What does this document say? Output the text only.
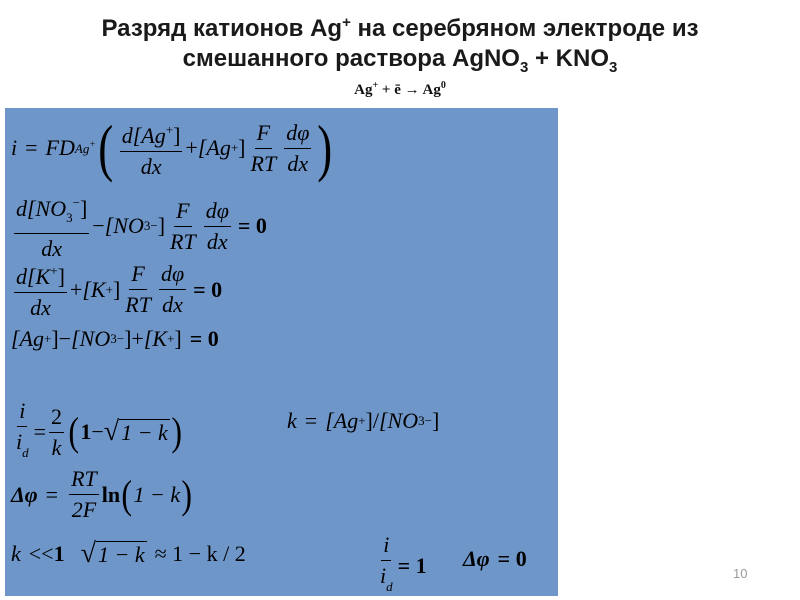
Разряд катионов Ag+ на серебряном электроде из
смешанного раствора AgNO$_3$ + $KNO_3$
Ag+ + ē → $Ag^0$
i = F D Ag+ ( $\frac{d[Ag^+]}{dx} + [Ag$ + ] $\frac{F}{RT} \frac{d\varphi}{dx}$ )
$\frac{d[NO_3^-]}{dx} - [NO$ 3 − ] $\frac{F}{RT} \frac{d\varphi}{dx} = 0$
$\frac{d[K^+]}{dx} + [K$ + ] $\frac{F}{RT} \frac{d\varphi}{dx} = 0$
[Ag + ] − [NO 3 − ] + [K + ] = 0
$\frac{i}{i_d} = \frac{2}{k}$ ( 1 − √ 1 − k )	k = [Ag + ] / [NO 3 − ]
$\Delta\varphi = \frac{RT}{2F}$ ln ( 1 − k )
k << 1 √ 1 − k ≈ 1 − k / 2	$\frac{i}{i_d} = 1$ Δφ = 0
10
